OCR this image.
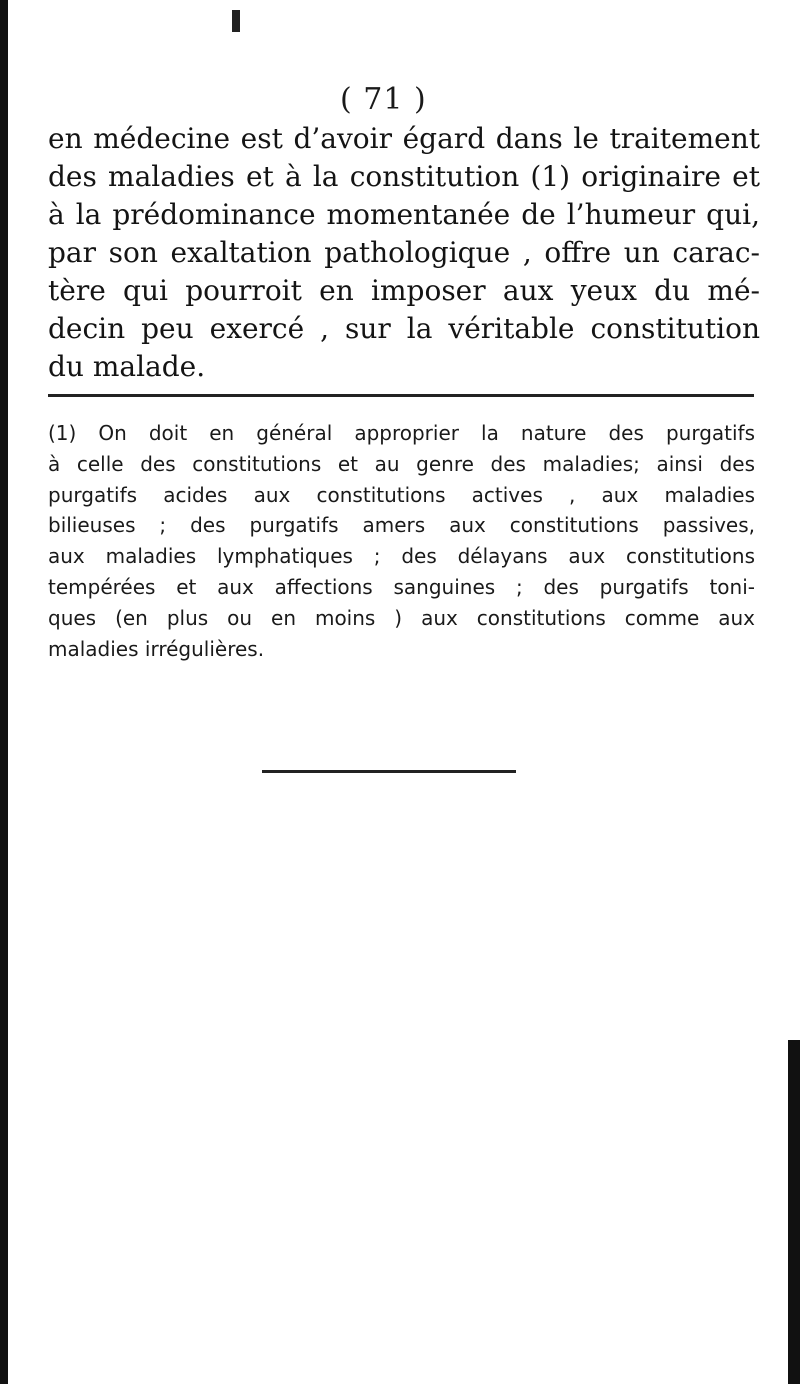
( 71 )
en médecine est d’avoir égard dans le traitement
des maladies et à la constitution (1) originaire et
à la prédominance momentanée de l’humeur qui,
par son exaltation pathologique , offre un carac-
tère qui pourroit en imposer aux yeux du mé-
decin peu exercé , sur la véritable constitution
du malade.
(1) On doit en général approprier la nature des purgatifs
à celle des constitutions et au genre des maladies; ainsi des
purgatifs acides aux constitutions actives , aux maladies
bilieuses ; des purgatifs amers aux constitutions passives,
aux maladies lymphatiques ; des délayans aux constitutions
tempérées et aux affections sanguines ; des purgatifs toni-
ques (en plus ou en moins ) aux constitutions comme aux
maladies irrégulières.
